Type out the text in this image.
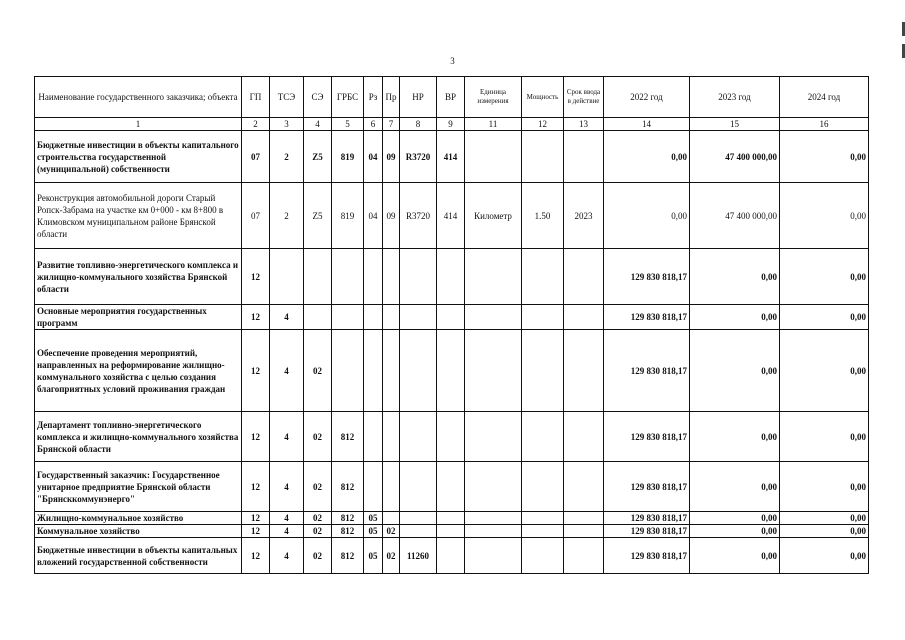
3
Наименование государственного заказчика; объекта	ГП	ТСЭ	СЭ	ГРБС	Рз	Пр	НР	ВР	Единица измерения	Мощность	Срок ввода в действие	2022 год	2023 год	2024 год
1	2	3	4	5	6	7	8	9	11	12	13	14	15	16
Бюджетные инвестиции в объекты капитального строительства государственной (муниципальной) собственности	07	2	Z5	819	04	09	R3720	414				0,00	47 400 000,00	0,00
Реконструкция автомобильной дороги Старый Ропск-Забрама на участке км 0+000 - км 8+800 в Климовском муниципальном районе Брянской области	07	2	Z5	819	04	09	R3720	414	Километр	1.50	2023	0,00	47 400 000,00	0,00
Развитие топливно-энергетического комплекса и жилищно-коммунального хозяйства Брянской области	12											129 830 818,17	0,00	0,00
Основные мероприятия государственных программ	12	4										129 830 818,17	0,00	0,00
Обеспечение проведения мероприятий, направленных на реформирование жилищно-коммунального хозяйства с целью создания благоприятных условий проживания граждан	12	4	02									129 830 818,17	0,00	0,00
Департамент топливно-энергетического комплекса и жилищно-коммунального хозяйства Брянской области	12	4	02	812								129 830 818,17	0,00	0,00
Государственный заказчик: Государственное унитарное предприятие Брянской области "Брянсккоммунэнерго"	12	4	02	812								129 830 818,17	0,00	0,00
Жилищно-коммунальное хозяйство	12	4	02	812	05							129 830 818,17	0,00	0,00
Коммунальное хозяйство	12	4	02	812	05	02						129 830 818,17	0,00	0,00
Бюджетные инвестиции в объекты капитальных вложений государственной собственности	12	4	02	812	05	02	11260					129 830 818,17	0,00	0,00
